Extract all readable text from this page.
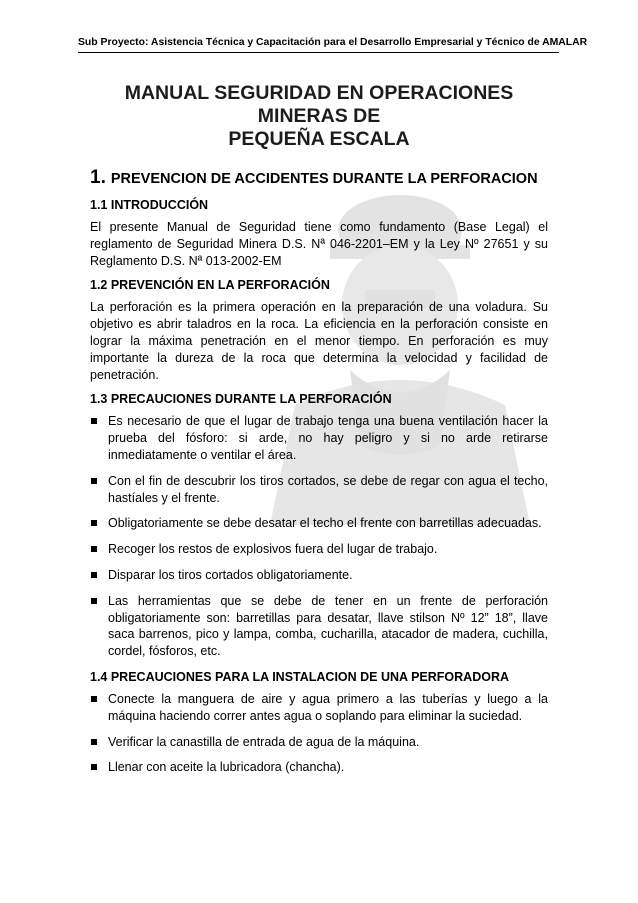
Sub Proyecto: Asistencia Técnica y Capacitación para el Desarrollo Empresarial y Técnico de AMALAR
MANUAL SEGURIDAD EN OPERACIONES MINERAS DE
PEQUEÑA ESCALA
1. PREVENCION DE ACCIDENTES DURANTE LA PERFORACION
1.1 INTRODUCCIÓN

El presente Manual de Seguridad tiene como fundamento (Base Legal) el reglamento de Seguridad Minera D.S. Nª 046-2201–EM y la Ley Nº 27651 y su Reglamento D.S. Nª 013-2002-EM

1.2 PREVENCIÓN EN LA PERFORACIÓN

La perforación es la primera operación en la preparación de una voladura. Su objetivo es abrir taladros en la roca. La eficiencia en la perforación consiste en lograr la máxima penetración en el menor tiempo. En perforación es muy importante la dureza de la roca que determina la velocidad y facilidad de penetración.

1.3 PRECAUCIONES DURANTE LA PERFORACIÓN
Es necesario de que el lugar de trabajo tenga una buena ventilación hacer la prueba del fósforo: si arde, no hay peligro y si no arde retirarse inmediatamente o ventilar el área.
Con el fin de descubrir los tiros cortados, se debe de regar con agua el techo, hastíales y el frente.
Obligatoriamente se debe desatar el techo el frente con barretillas adecuadas.
Recoger los restos de explosivos fuera del lugar de trabajo.
Disparar los tiros cortados obligatoriamente.
Las herramientas que se debe de tener en un frente de perforación obligatoriamente son: barretillas para desatar, llave stilson Nº 12” 18”, llave saca barrenos, pico y lampa, comba, cucharilla, atacador de madera, cuchilla, cordel, fósforos, etc.
1.4 PRECAUCIONES PARA LA INSTALACION DE UNA PERFORADORA
Conecte la manguera de aire y agua primero a las tuberías y luego a la máquina haciendo correr antes agua o soplando para eliminar la suciedad.
Verificar la canastilla de entrada de agua de la máquina.
Llenar con aceite la lubricadora (chancha).
